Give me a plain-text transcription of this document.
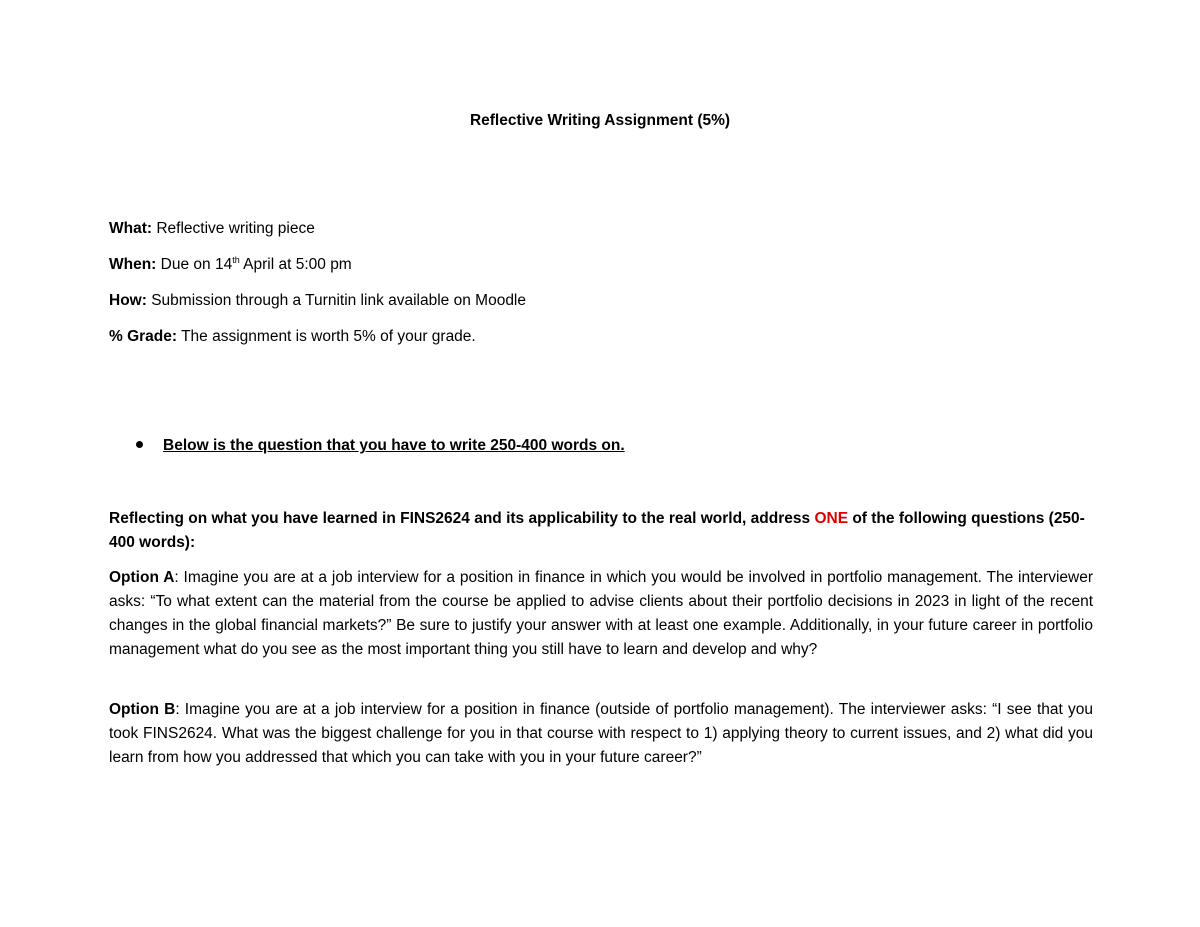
Reflective Writing Assignment (5%)
What: Reflective writing piece
When: Due on 14th April at 5:00 pm
How: Submission through a Turnitin link available on Moodle
% Grade: The assignment is worth 5% of your grade.
Below is the question that you have to write 250-400 words on.
Reflecting on what you have learned in FINS2624 and its applicability to the real world, address ONE of the following questions (250-400 words):
Option A: Imagine you are at a job interview for a position in finance in which you would be involved in portfolio management. The interviewer asks: “To what extent can the material from the course be applied to advise clients about their portfolio decisions in 2023 in light of the recent changes in the global financial markets?” Be sure to justify your answer with at least one example. Additionally, in your future career in portfolio management what do you see as the most important thing you still have to learn and develop and why?
Option B: Imagine you are at a job interview for a position in finance (outside of portfolio management). The interviewer asks: “I see that you took FINS2624. What was the biggest challenge for you in that course with respect to 1) applying theory to current issues, and 2) what did you learn from how you addressed that which you can take with you in your future career?”
